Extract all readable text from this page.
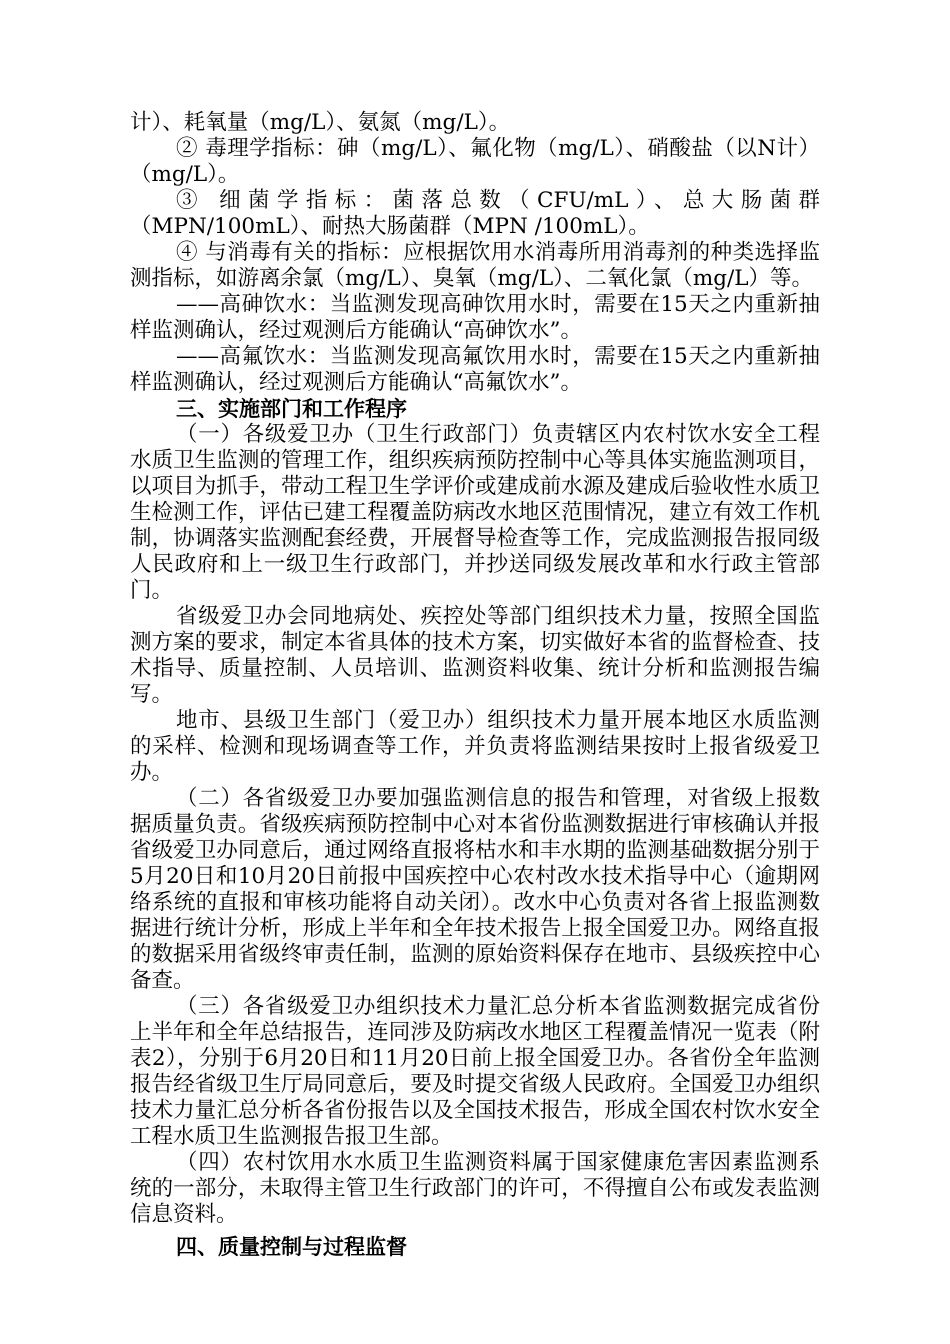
计）、耗氧量（mg/L）、氨氮（mg/L）。

② 毒理学指标：砷（mg/L）、氟化物（mg/L）、硝酸盐（以N计）（mg/L）。

③ 细菌学指标：菌落总数（CFU/mL）、总大肠菌群（MPN/100mL）、耐热大肠菌群（MPN /100mL）。

④ 与消毒有关的指标：应根据饮用水消毒所用消毒剂的种类选择监测指标，如游离余氯（mg/L）、臭氧（mg/L）、二氧化氯（mg/L）等。

——高砷饮水：当监测发现高砷饮用水时，需要在15天之内重新抽样监测确认，经过观测后方能确认“高砷饮水”。

——高氟饮水：当监测发现高氟饮用水时，需要在15天之内重新抽样监测确认，经过观测后方能确认“高氟饮水”。

三、实施部门和工作程序

（一）各级爱卫办（卫生行政部门）负责辖区内农村饮水安全工程水质卫生监测的管理工作，组织疾病预防控制中心等具体实施监测项目，以项目为抓手，带动工程卫生学评价或建成前水源及建成后验收性水质卫生检测工作，评估已建工程覆盖防病改水地区范围情况，建立有效工作机制，协调落实监测配套经费，开展督导检查等工作，完成监测报告报同级人民政府和上一级卫生行政部门，并抄送同级发展改革和水行政主管部门。

省级爱卫办会同地病处、疾控处等部门组织技术力量，按照全国监测方案的要求，制定本省具体的技术方案，切实做好本省的监督检查、技术指导、质量控制、人员培训、监测资料收集、统计分析和监测报告编写。

地市、县级卫生部门（爱卫办）组织技术力量开展本地区水质监测的采样、检测和现场调查等工作，并负责将监测结果按时上报省级爱卫办。

（二）各省级爱卫办要加强监测信息的报告和管理，对省级上报数据质量负责。省级疾病预防控制中心对本省份监测数据进行审核确认并报省级爱卫办同意后，通过网络直报将枯水和丰水期的监测基础数据分别于5月20日和10月20日前报中国疾控中心农村改水技术指导中心（逾期网络系统的直报和审核功能将自动关闭）。改水中心负责对各省上报监测数据进行统计分析，形成上半年和全年技术报告上报全国爱卫办。网络直报的数据采用省级终审责任制，监测的原始资料保存在地市、县级疾控中心备查。

（三）各省级爱卫办组织技术力量汇总分析本省监测数据完成省份上半年和全年总结报告，连同涉及防病改水地区工程覆盖情况一览表（附表2），分别于6月20日和11月20日前上报全国爱卫办。各省份全年监测报告经省级卫生厅局同意后，要及时提交省级人民政府。全国爱卫办组织技术力量汇总分析各省份报告以及全国技术报告，形成全国农村饮水安全工程水质卫生监测报告报卫生部。

（四）农村饮用水水质卫生监测资料属于国家健康危害因素监测系统的一部分，未取得主管卫生行政部门的许可，不得擅自公布或发表监测信息资料。

四、质量控制与过程监督
